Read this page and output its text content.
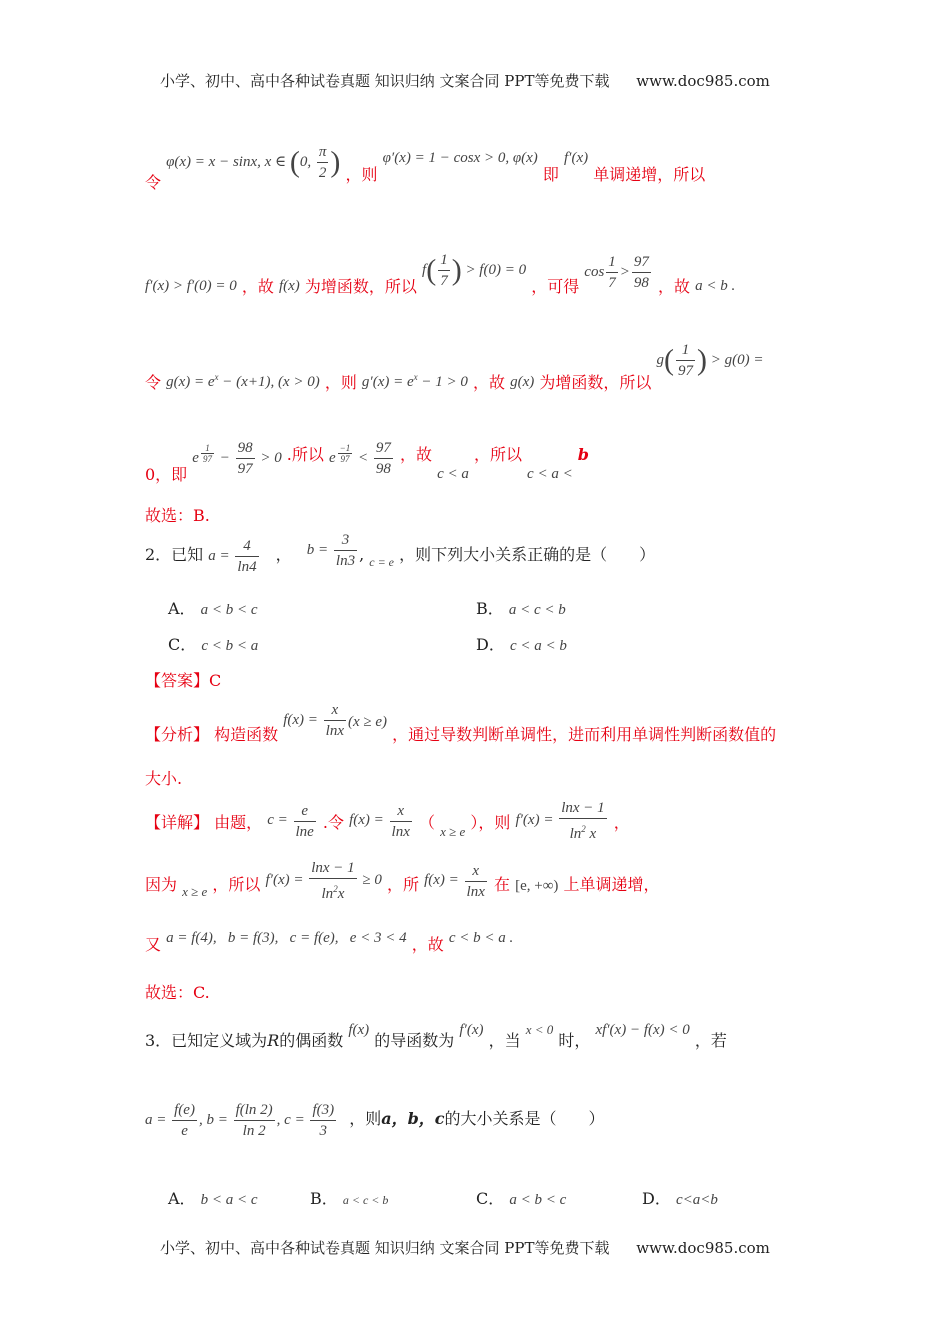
小学、初中、高中各种试卷真题 知识归纳 文案合同 PPT等免费下载 www.doc985.com
令 φ(x) = x − sinx, x ∈ (0, $\frac{\pi}{2}$ ) ，则 φ′(x) = 1 − cosx > 0, φ(x) 即 f′(x) 单调递增，所以
f′(x) > f′(0) = 0 ，故 f(x) 为增函数，所以 $f( \frac{1}{7}$ ) > f(0) = 0 ，可得 $\cos \frac{1}{7} > \frac{97}{98}$ ，故 a < b .
令 $g(x) = e^x - (x+1)$, (x > 0) ，则 $g'(x) = e^x - 1 > 0$ ，故 g(x) 为增函数，所以 $g( \frac{1}{97}$ ) > g(0) =
0，即 e $^{\frac{1}{97}} - \frac{98}{97} > 0$ .所以 e $^{\frac{-1}{97}} < \frac{97}{98}$ ，故 c < a ，所以 c < a < b
故选：B.
2．已知 $a = \frac{4}{\ln 4}$ ， $b = \frac{3}{\ln 3}$ , $_{c = e}$ ，则下列大小关系正确的是（　　）
A． a < b < c	B． a < c < b
C． c < b < a	D． c < a < b
【答案】C
【分析】 构造函数 $f(x) = \frac{x}{\ln x} (x \ge e)$ ，通过导数判断单调性，进而利用单调性判断函数值的
大小.
【详解】 由题， $c = \frac{e}{\ln e}$ .令 $f(x) = \frac{x}{\ln x}$ （ $_{x \ge e}$ ），则 $f'(x) = \frac{\ln x - 1}{\ln^2 x}$ ，
因为 $_{x \ge e}$ ，所以 $f'(x) = \frac{\ln x - 1}{\ln^2x} \ge 0$ ，所 $f(x) = \frac{x}{\ln x}$ 在 [e, +∞) 上单调递增，
又 a = f(4),   b = f(3),   c = f(e),   e < 3 < 4 ，故 c < b < a .
故选：C.
3．已知定义域为R的偶函数 f(x) 的导函数为 f′(x) ，当 x < 0 时， xf′(x) − f(x) < 0 ，若
$a = \frac{f(e)}{e}$ , $b = \frac{f(\ln 2)}{\ln 2}$ , $c = \frac{f(3)}{3}$ ，则a，b，c的大小关系是（　　）
A． b < a < c	B． a < c < b	C． a < b < c	D． c<a<b
小学、初中、高中各种试卷真题 知识归纳 文案合同 PPT等免费下载 www.doc985.com
